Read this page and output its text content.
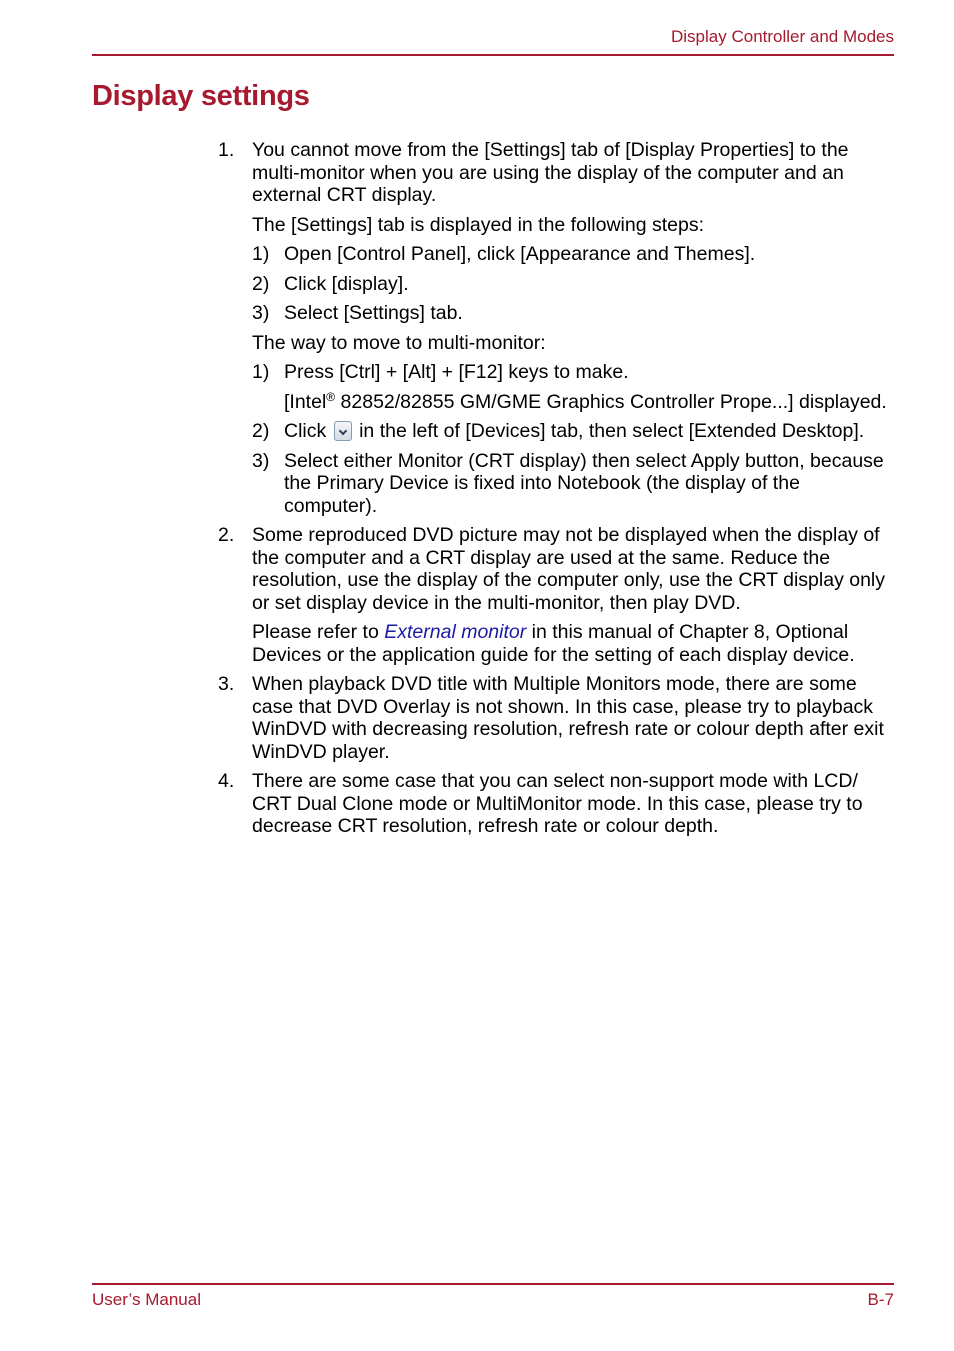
Display Controller and Modes
Display settings
1. You cannot move from the [Settings] tab of [Display Properties] to the multi-monitor when you are using the display of the computer and an external CRT display.

The [Settings] tab is displayed in the following steps:

1) Open [Control Panel], click [Appearance and Themes].
2) Click [display].
3) Select [Settings] tab.

The way to move to multi-monitor:

1) Press [Ctrl] + [Alt] + [F12] keys to make.

[Intel® 82852/82855 GM/GME Graphics Controller Prope...] displayed.

2) Click in the left of [Devices] tab, then select [Extended Desktop].
3) Select either Monitor (CRT display) then select Apply button, because the Primary Device is fixed into Notebook (the display of the computer).
2. Some reproduced DVD picture may not be displayed when the display of the computer and a CRT display are used at the same. Reduce the resolution, use the display of the computer only, use the CRT display only or set display device in the multi-monitor, then play DVD.

Please refer to External monitor in this manual of Chapter 8, Optional Devices or the application guide for the setting of each display device.

3. When playback DVD title with Multiple Monitors mode, there are some case that DVD Overlay is not shown. In this case, please try to playback WinDVD with decreasing resolution, refresh rate or colour depth after exit WinDVD player.
4. There are some case that you can select non-support mode with LCD/ CRT Dual Clone mode or MultiMonitor mode. In this case, please try to decrease CRT resolution, refresh rate or colour depth.
User’s Manual	B-7
